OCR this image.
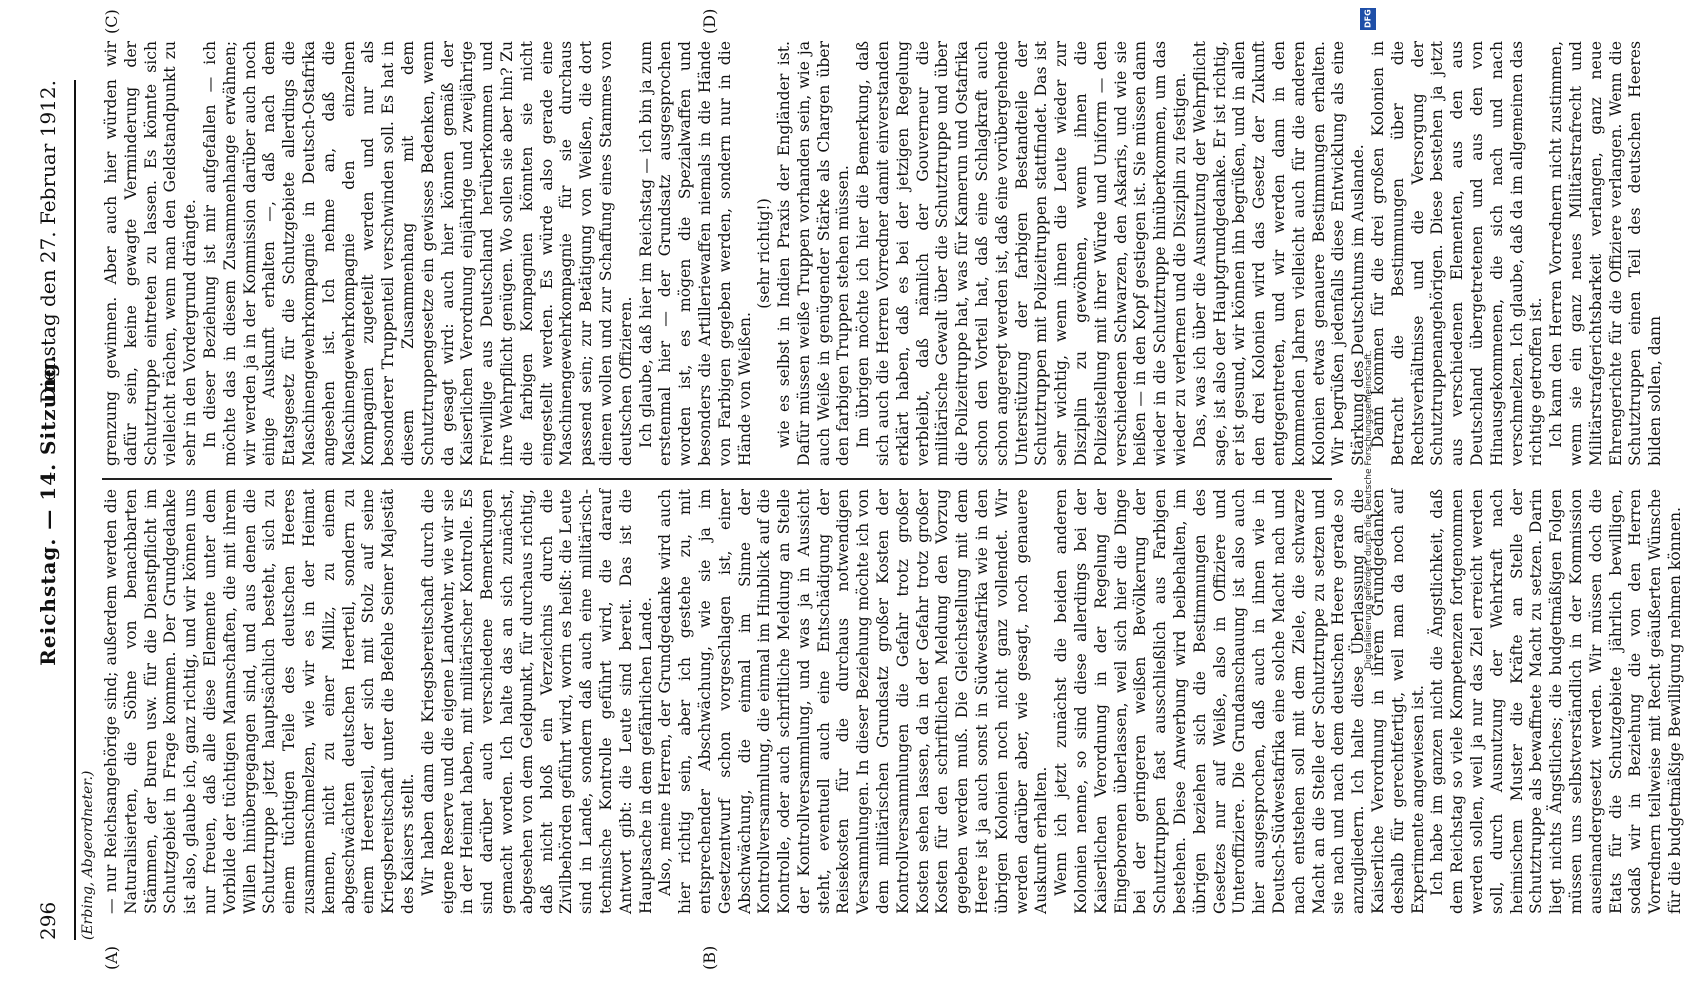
296
Reichstag. — 14. Sitzung.
Dienstag den 27. Februar 1912.
(Erbing, Abgeordneter.)
(A)	(B)
(C)	(D)

— nur Reichsangehörige sind; außerdem werden die Naturalisierten, die Söhne von benachbarten Stämmen, der Buren usw. für die Dienstpflicht im Schutzgebiet in Frage kommen. Der Grundgedanke ist also, glaube ich, ganz richtig, und wir können uns nur freuen, daß alle diese Elemente unter dem Vorbilde der tüchtigen Mannschaften, die mit ihrem Willen hinübergegangen sind, und aus denen die Schutztruppe jetzt hauptsächlich besteht, sich zu einem tüchtigen Teile des deutschen Heeres zusammenschmelzen, wie wir es in der Heimat kennen, nicht zu einer Miliz, zu einem abgeschwächten deutschen Heerteil, sondern zu einem Heeresteil, der sich mit Stolz auf seine Kriegsbereitschaft unter die Befehle Seiner Majestät des Kaisers stellt. Wir haben dann die Kriegsbereitschaft durch die eigene Reserve und die eigene Landwehr, wie wir sie in der Heimat haben, mit militärischer Kontrolle. Es sind darüber auch verschiedene Bemerkungen gemacht worden. Ich halte das an sich zunächst, abgesehen von dem Geldpunkt, für durchaus richtig, daß nicht bloß ein Verzeichnis durch die Zivilbehörden geführt wird, worin es heißt: die Leute sind in Lande, sondern daß auch eine militärisch-technische Kontrolle geführt wird, die darauf Antwort gibt: die Leute sind bereit. Das ist die Hauptsache in dem gefährlichen Lande. Also, meine Herren, der Grundgedanke wird auch hier richtig sein, aber ich gestehe zu, mit entsprechender Abschwächung, wie sie ja im Gesetzentwurf schon vorgeschlagen ist, einer Abschwächung, die einmal im Sinne der Kontrollversammlung, die einmal im Hinblick auf die Kontrolle, oder auch schriftliche Meldung an Stelle der Kontrollversammlung, und was ja in Aussicht steht, eventuell auch eine Entschädigung der Reisekosten für die durchaus notwendigen Versammlungen. In dieser Beziehung möchte ich von dem militärischen Grundsatz großer Kosten der Kontrollversammlungen die Gefahr trotz großer Kosten sehen lassen, da in der Gefahr trotz großer Kosten für den schriftlichen Meldung den Vorzug gegeben werden muß. Die Gleichstellung mit dem Heere ist ja auch sonst in Südwestafrika wie in den übrigen Kolonien noch nicht ganz vollendet. Wir werden darüber aber, wie gesagt, noch genauere Auskunft erhalten. Wenn ich jetzt zunächst die beiden anderen Kolonien nenne, so sind diese allerdings bei der Kaiserlichen Verordnung in der Regelung der Eingeborenen überlassen, weil sich hier die Dinge bei der geringeren weißen Bevölkerung der Schutztruppen fast ausschließlich aus Farbigen bestehen. Diese Anwerbung wird beibehalten, im übrigen beziehen sich die Bestimmungen des Gesetzes nur auf Weiße, also in Offiziere und Unteroffiziere. Die Grundanschauung ist also auch hier ausgesprochen, daß auch in ihnen wie in Deutsch-Südwestafrika eine solche Macht nach und nach entstehen soll mit dem Ziele, die schwarze Macht an die Stelle der Schutztruppe zu setzen und sie nach und nach dem deutschen Heere gerade so anzugliedern. Ich halte diese Überlassung an die Kaiserliche Verordnung in ihrem Grundgedanken deshalb für gerechtfertigt, weil man da noch auf Experimente angewiesen ist. Ich habe im ganzen nicht die Ängstlichkeit, daß dem Reichstag so viele Kompetenzen fortgenommen werden sollen, weil ja nur das Ziel erreicht werden soll, durch Ausnutzung der Wehrkraft nach heimischem Muster die Kräfte an Stelle der Schutztruppe als bewaffnete Macht zu setzen. Darin liegt nichts Ängstliches; die budgetmäßigen Folgen müssen uns selbstverständlich in der Kommission auseinandergesetzt werden. Wir müssen doch die Etats für die Schutzgebiete jährlich bewilligen, sodaß wir in Beziehung die von den Herren Vorrednern teilweise mit Recht geäußerten Wünsche für die budgetmäßige Bewilligung nehmen können.

grenzung gewinnen. Aber auch hier würden wir dafür sein, keine gewagte Verminderung der Schutztruppe eintreten zu lassen. Es könnte sich vielleicht rächen, wenn man den Geldstandpunkt zu sehr in den Vordergrund drängte. In dieser Beziehung ist mir aufgefallen — ich möchte das in diesem Zusammenhange erwähnen; wir werden ja in der Kommission darüber auch noch einige Auskunft erhalten —, daß nach dem Etatsgesetz für die Schutzgebiete allerdings die Maschinengewehrkompagnie in Deutsch-Ostafrika angesehen ist. Ich nehme an, daß die Maschinengewehrkompagnie den einzelnen Kompagnien zugeteilt werden und nur als besonderer Truppenteil verschwinden soll. Es hat in diesem Zusammenhang mit dem Schutztruppengesetze ein gewisses Bedenken, wenn da gesagt wird: auch hier können gemäß der Kaiserlichen Verordnung einjährige und zweijährige Freiwillige aus Deutschland herüberkommen und ihre Wehrpflicht genügen. Wo sollen sie aber hin? Zu die farbigen Kompagnien könnten sie nicht eingestellt werden. Es würde also gerade eine Maschinengewehrkompagnie für sie durchaus passend sein; zur Betätigung von Weißen, die dort dienen wollen und zur Schaffung eines Stammes von deutschen Offizieren. Ich glaube, daß hier im Reichstag — ich bin ja zum erstenmal hier — der Grundsatz ausgesprochen worden ist, es mögen die Spezialwaffen und besonders die Artilleriewaffen niemals in die Hände von Farbigen gegeben werden, sondern nur in die Hände von Weißen.

(sehr richtig!) wie es selbst in Indien Praxis der Engländer ist. Dafür müssen weiße Truppen vorhanden sein, wie ja auch Weiße in genügender Stärke als Chargen über den farbigen Truppen stehen müssen. Im übrigen möchte ich hier die Bemerkung, daß sich auch die Herren Vorredner damit einverstanden erklärt haben, daß es bei der jetzigen Regelung verbleibt, daß nämlich der Gouverneur die militärische Gewalt über die Schutztruppe und über die Polizeitruppe hat, was für Kamerun und Ostafrika schon den Vorteil hat, daß eine Schlagkraft auch schon angeregt werden ist, daß eine vorübergehende Unterstützung der farbigen Bestandteile der Schutztruppen mit Polizeitruppen stattfindet. Das ist sehr wichtig, wenn ihnen die Leute wieder zur Disziplin zu gewöhnen, wenn ihnen die Polizeistellung mit ihrer Würde und Uniform — den verschiedenen Schwarzen, den Askaris, und wie sie heißen — in den Kopf gestiegen ist. Sie müssen dann wieder in die Schutztruppe hinüberkommen, um das wieder zu verlernen und die Disziplin zu festigen. Das, was ich über die Ausnutzung der Wehrpflicht sage, ist also der Hauptgrundgedanke. Er ist richtig, er ist gesund, wir können ihn begrüßen, und in allen den drei Kolonien wird das Gesetz der Zukunft entgegentreten, und wir werden dann in den kommenden Jahren vielleicht auch für die anderen Kolonien etwas genauere Bestimmungen erhalten. Wir begrüßen jedenfalls diese Entwicklung als eine Stärkung des Deutschtums im Auslande. Dann kommen für die drei großen Kolonien in Betracht die Bestimmungen über die Rechtsverhältnisse und die Versorgung der Schutztruppenangehörigen. Diese bestehen ja jetzt aus verschiedenen Elementen, aus den aus Deutschland übergetretenen und aus den von Hinausgekommenen, die sich nach und nach verschmelzen. Ich glaube, daß da im allgemeinen das richtige getroffen ist. Ich kann den Herren Vorrednern nicht zustimmen, wenn sie ein ganz neues Militärstrafrecht und Militärstrafgerichtsbarkeit verlangen, ganz neue Ehrengerichte für die Offiziere verlangen. Wenn die Schutztruppen einen Teil des deutschen Heeres bilden sollen, dann

DFG
Digitalisierung gefördert durch die Deutsche Forschungsgemeinschaft.
